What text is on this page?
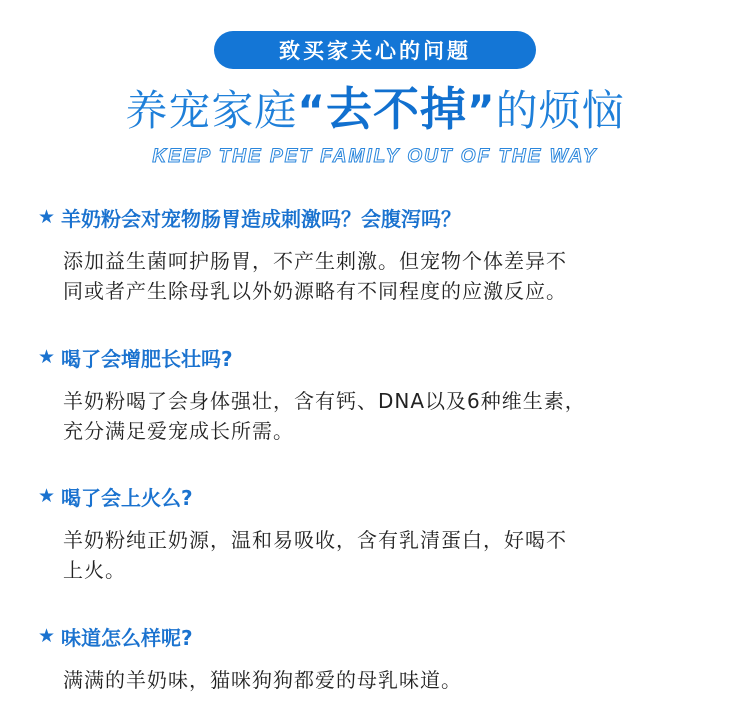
致买家关心的问题
养宠家庭“去不掉”的烦恼
KEEP THE PET FAMILY OUT OF THE WAY
★ 羊奶粉会对宠物肠胃造成刺激吗？会腹泻吗？
添加益生菌呵护肠胃，不产生刺激。但宠物个体差异不
同或者产生除母乳以外奶源略有不同程度的应激反应。
★ 喝了会增肥长壮吗?
羊奶粉喝了会身体强壮，含有钙、DNA以及6种维生素，
充分满足爱宠成长所需。
★ 喝了会上火么?
羊奶粉纯正奶源，温和易吸收，含有乳清蛋白，好喝不
上火。
★ 味道怎么样呢?
满满的羊奶味，猫咪狗狗都爱的母乳味道。
